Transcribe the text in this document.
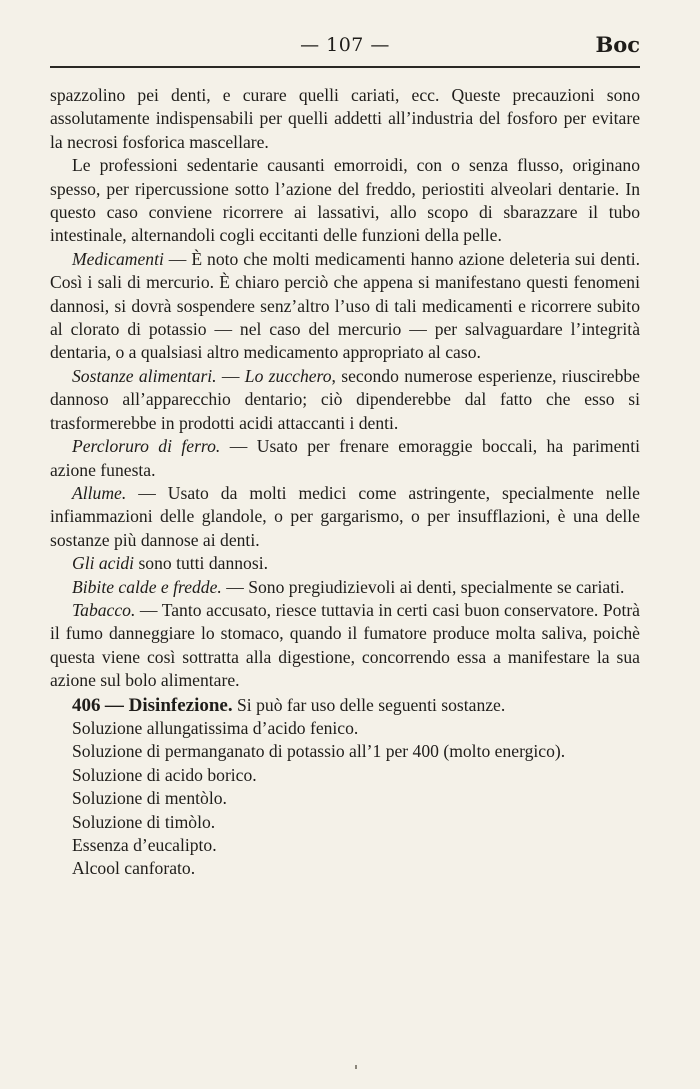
— 107 —	Boc

spazzolino pei denti, e curare quelli cariati, ecc. Queste precauzioni sono assolutamente indispensabili per quelli addetti all’industria del fosforo per evitare la necrosi fosforica mascellare.

Le professioni sedentarie causanti emorroidi, con o senza flusso, originano spesso, per ripercussione sotto l’azione del freddo, periostiti alveolari dentarie. In questo caso conviene ricorrere ai lassativi, allo scopo di sbarazzare il tubo intestinale, alternandoli cogli eccitanti delle funzioni della pelle.

Medicamenti — È noto che molti medicamenti hanno azione deleteria sui denti. Così i sali di mercurio. È chiaro perciò che appena si manifestano questi fenomeni dannosi, si dovrà sospendere senz’altro l’uso di tali medicamenti e ricorrere subito al clorato di potassio — nel caso del mercurio — per salvaguardare l’integrità dentaria, o a qualsiasi altro medicamento appropriato al caso.

Sostanze alimentari. — Lo zucchero, secondo numerose esperienze, riuscirebbe dannoso all’apparecchio dentario; ciò dipenderebbe dal fatto che esso si trasformerebbe in prodotti acidi attaccanti i denti.

Percloruro di ferro. — Usato per frenare emoraggie boccali, ha parimenti azione funesta.

Allume. — Usato da molti medici come astringente, specialmente nelle infiammazioni delle glandole, o per gargarismo, o per insufflazioni, è una delle sostanze più dannose ai denti.

Gli acidi sono tutti dannosi.

Bibite calde e fredde. — Sono pregiudizievoli ai denti, specialmente se cariati.

Tabacco. — Tanto accusato, riesce tuttavia in certi casi buon conservatore. Potrà il fumo danneggiare lo stomaco, quando il fumatore produce molta saliva, poichè questa viene così sottratta alla digestione, concorrendo essa a manifestare la sua azione sul bolo alimentare.

406 — Disinfezione. Si può far uso delle seguenti sostanze.

Soluzione allungatissima d’acido fenico.

Soluzione di permanganato di potassio all’1 per 400 (molto energico).

Soluzione di acido borico.

Soluzione di mentòlo.

Soluzione di timòlo.

Essenza d’eucalipto.

Alcool canforato.
